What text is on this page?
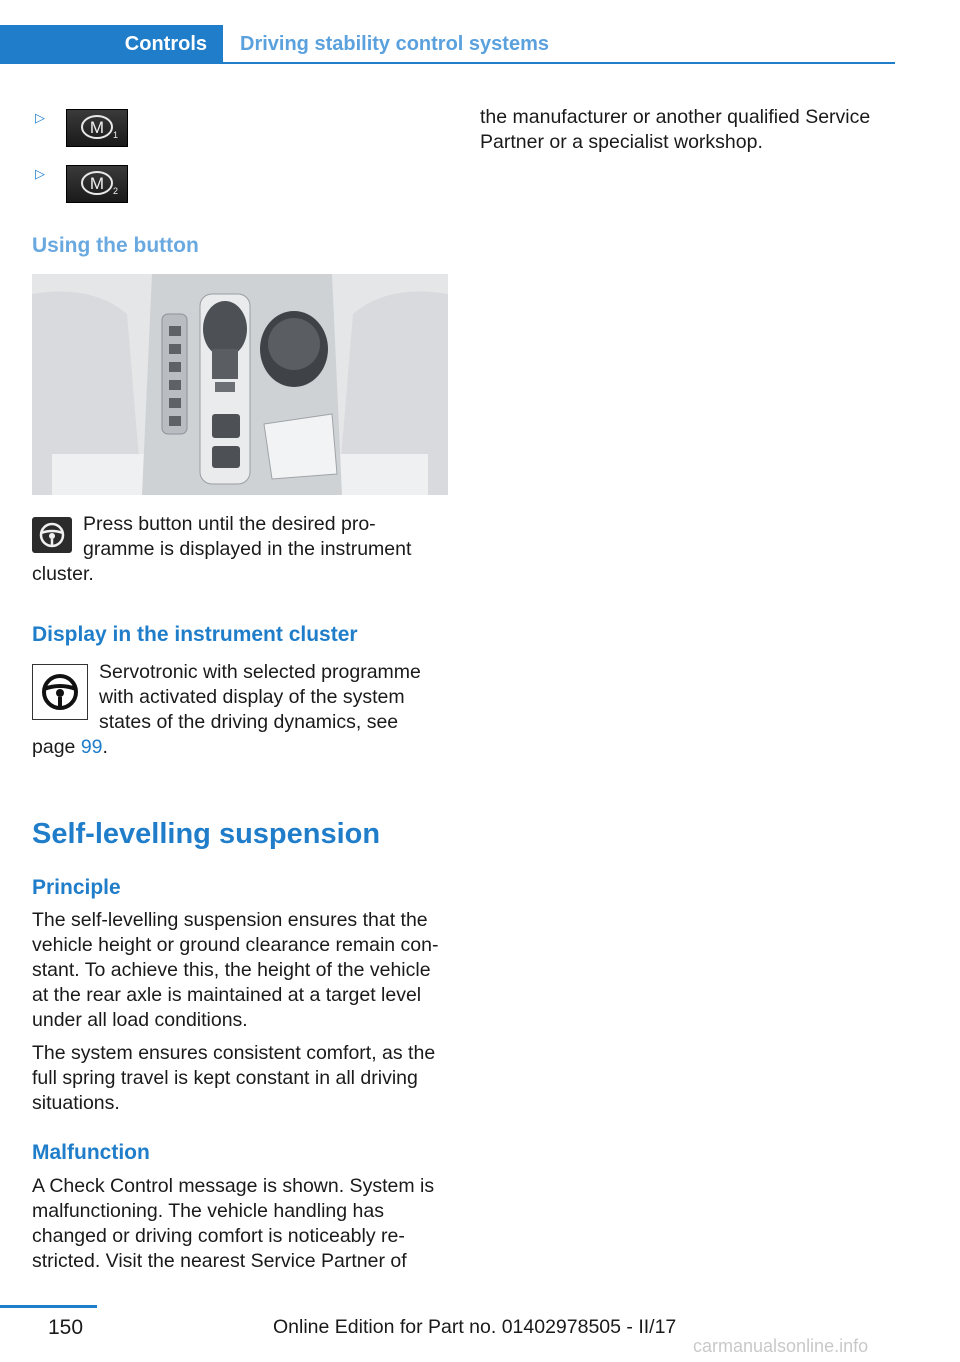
Controls Driving stability control systems
▷
M 1
▷
M 2
Using the button
Press button until the desired pro‐
gramme is displayed in the instrument
cluster.
Display in the instrument cluster
Servotronic with selected programme
with activated display of the system
states of the driving dynamics, see
page 99.
Self-levelling suspension
Principle
The self-levelling suspension ensures that the
vehicle height or ground clearance remain con‐
stant. To achieve this, the height of the vehicle
at the rear axle is maintained at a target level
under all load conditions.
The system ensures consistent comfort, as the
full spring travel is kept constant in all driving
situations.
Malfunction
A Check Control message is shown. System is
malfunctioning. The vehicle handling has
changed or driving comfort is noticeably re‐
stricted. Visit the nearest Service Partner of
the manufacturer or another qualified Service
Partner or a specialist workshop.
150	Online Edition for Part no. 01402978505 - II/17
carmanualsonline.info
